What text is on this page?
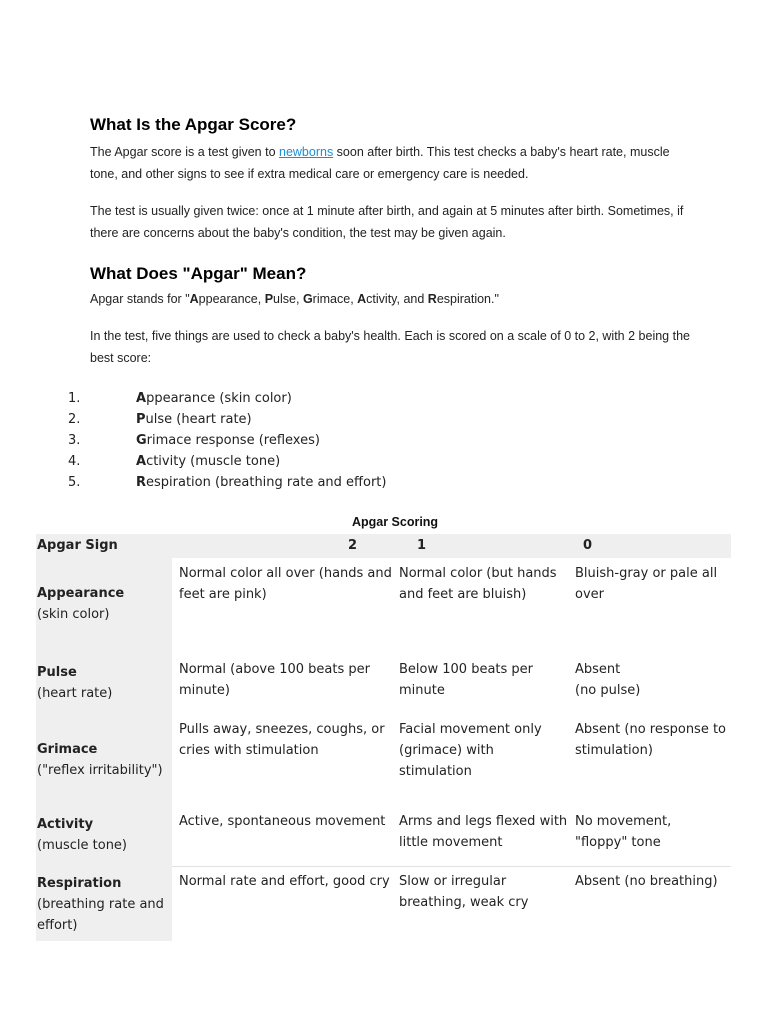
What Is the Apgar Score?

The Apgar score is a test given to newborns soon after birth. This test checks a baby's heart rate, muscle tone, and other signs to see if extra medical care or emergency care is needed.

The test is usually given twice: once at 1 minute after birth, and again at 5 minutes after birth. Sometimes, if there are concerns about the baby's condition, the test may be given again.

What Does "Apgar" Mean?

Apgar stands for "Appearance, Pulse, Grimace, Activity, and Respiration."

In the test, five things are used to check a baby's health. Each is scored on a scale of 0 to 2, with 2 being the best score:

1.	Appearance (skin color)
2.	Pulse (heart rate)
3.	Grimace response (reflexes)
4.	Activity (muscle tone)
5.	Respiration (breathing rate and effort)
Apgar Scoring
Apgar Sign	2	1	0

Appearance
(skin color)	Normal color all over (hands and feet are pink)	Normal color (but hands and feet are bluish)	Bluish-gray or pale all over

Pulse
(heart rate)	Normal (above 100 beats per minute)	Below 100 beats per minute	Absent
(no pulse)

Grimace
("reflex irritability")	Pulls away, sneezes, coughs, or cries with stimulation	Facial movement only (grimace) with stimulation	Absent (no response to stimulation)

Activity
(muscle tone)	Active, spontaneous movement	Arms and legs flexed with little movement	No movement,
"floppy" tone

Respiration
(breathing rate and effort)	Normal rate and effort, good cry	Slow or irregular breathing, weak cry	Absent (no breathing)
